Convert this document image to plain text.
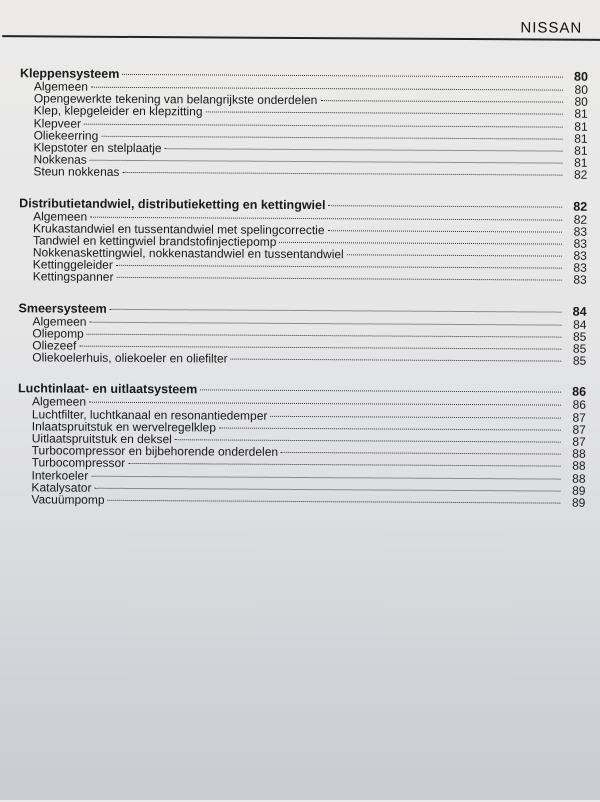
NISSAN
Kleppensysteem	80
Algemeen	80
Opengewerkte tekening van belangrijkste onderdelen	80
Klep, klepgeleider en klepzitting	81
Klepveer	81
Oliekeerring	81
Klepstoter en stelplaatje	81
Nokkenas	81
Steun nokkenas	82
Distributietandwiel, distributieketting en kettingwiel	82
Algemeen	82
Krukastandwiel en tussentandwiel met spelingcorrectie	83
Tandwiel en kettingwiel brandstofinjectiepomp	83
Nokkenaskettingwiel, nokkenastandwiel en tussentandwiel	83
Kettinggeleider	83
Kettingspanner	83
Smeersysteem	84
Algemeen	84
Oliepomp	85
Oliezeef	85
Oliekoelerhuis, oliekoeler en oliefilter	85
Luchtinlaat- en uitlaatsysteem	86
Algemeen	86
Luchtfilter, luchtkanaal en resonantiedemper	87
Inlaatspruitstuk en wervelregelklep	87
Uitlaatspruitstuk en deksel	87
Turbocompressor en bijbehorende onderdelen	88
Turbocompressor	88
Interkoeler	88
Katalysator	89
Vacuümpomp	89
